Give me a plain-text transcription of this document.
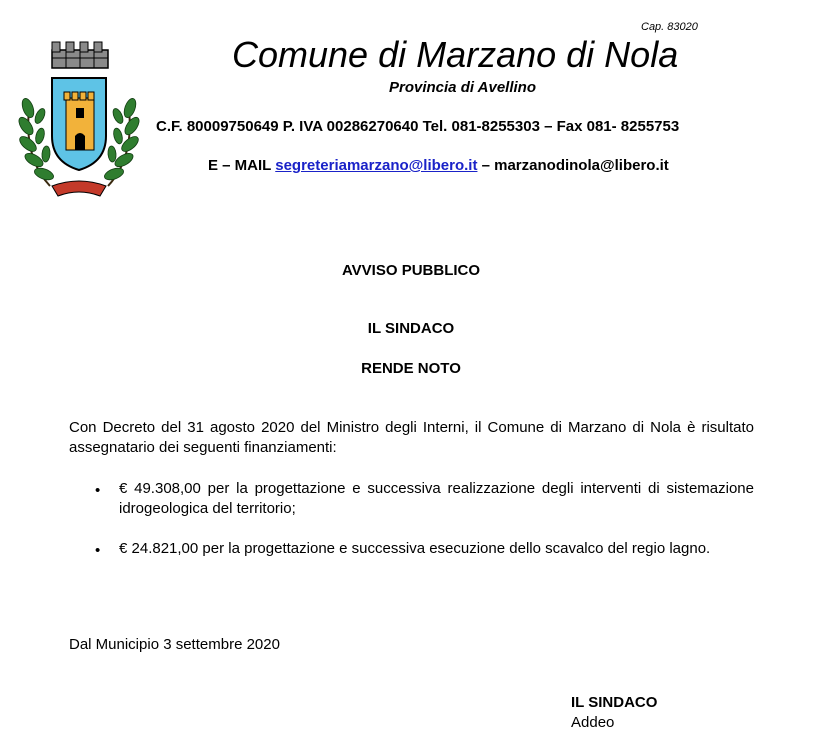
Cap. 83020
Comune di Marzano di Nola
Provincia di Avellino
C.F. 80009750649 P. IVA 00286270640 Tel. 081-8255303 – Fax 081- 8255753
E – MAIL segreteriamarzano@libero.it – marzanodinola@libero.it
AVVISO PUBBLICO
IL SINDACO
RENDE NOTO
Con Decreto del 31 agosto 2020 del Ministro degli Interni, il Comune di Marzano di Nola è risultato assegnatario dei seguenti finanziamenti:
• € 49.308,00 per la progettazione e successiva realizzazione degli interventi di sistemazione idrogeologica del territorio;
• € 24.821,00 per la progettazione e successiva esecuzione dello scavalco del regio lagno.
Dal Municipio 3 settembre 2020
IL SINDACO
Addeo
